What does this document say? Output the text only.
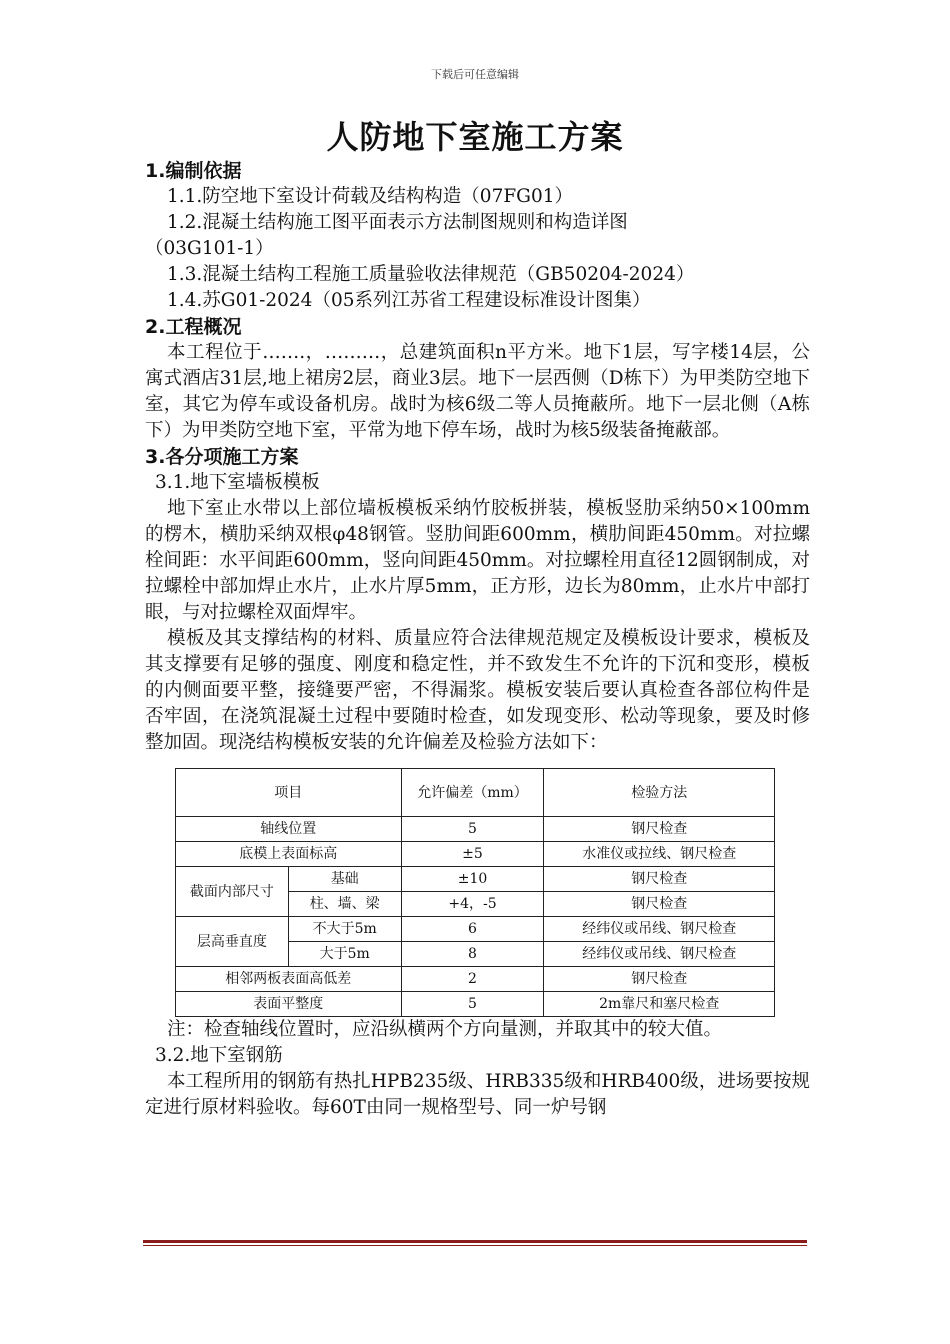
下载后可任意编辑
人防地下室施工方案
1.编制依据
1.1.防空地下室设计荷载及结构构造（07FG01）
1.2.混凝土结构施工图平面表示方法制图规则和构造详图
（03G101-1）
1.3.混凝土结构工程施工质量验收法律规范（GB50204-2024）
1.4.苏G01-2024（05系列江苏省工程建设标准设计图集）
2.工程概况
本工程位于…….，………，总建筑面积n平方米。地下1层，写字楼14层，公寓式酒店31层,地上裙房2层，商业3层。地下一层西侧（D栋下）为甲类防空地下室，其它为停车或设备机房。战时为核6级二等人员掩蔽所。地下一层北侧（A栋下）为甲类防空地下室，平常为地下停车场，战时为核5级装备掩蔽部。
3.各分项施工方案
3.1.地下室墙板模板
地下室止水带以上部位墙板模板采纳竹胶板拼装，模板竖肋采纳50×100mm的楞木，横肋采纳双根φ48钢管。竖肋间距600mm，横肋间距450mm。对拉螺栓间距：水平间距600mm，竖向间距450mm。对拉螺栓用直径12圆钢制成，对拉螺栓中部加焊止水片，止水片厚5mm，正方形，边长为80mm，止水片中部打眼，与对拉螺栓双面焊牢。
模板及其支撑结构的材料、质量应符合法律规范规定及模板设计要求，模板及其支撑要有足够的强度、刚度和稳定性，并不致发生不允许的下沉和变形，模板的内侧面要平整，接缝要严密，不得漏浆。模板安装后要认真检查各部位构件是否牢固，在浇筑混凝土过程中要随时检查，如发现变形、松动等现象，要及时修整加固。现浇结构模板安装的允许偏差及检验方法如下：
项目		允许偏差（mm）	检验方法
轴线位置		5	钢尺检查
底模上表面标高		±5	水准仪或拉线、钢尺检查
截面内部尺寸	基础	±10	钢尺检查
	柱、墙、梁	+4，-5	钢尺检查
层高垂直度	不大于5m	6	经纬仪或吊线、钢尺检查
	大于5m	8	经纬仪或吊线、钢尺检查
相邻两板表面高低差		2	钢尺检查
表面平整度		5	2m靠尺和塞尺检查
注：检查轴线位置时，应沿纵横两个方向量测，并取其中的较大值。
3.2.地下室钢筋
本工程所用的钢筋有热扎HPB235级、HRB335级和HRB400级，进场要按规定进行原材料验收。每60T由同一规格型号、同一炉号钢
